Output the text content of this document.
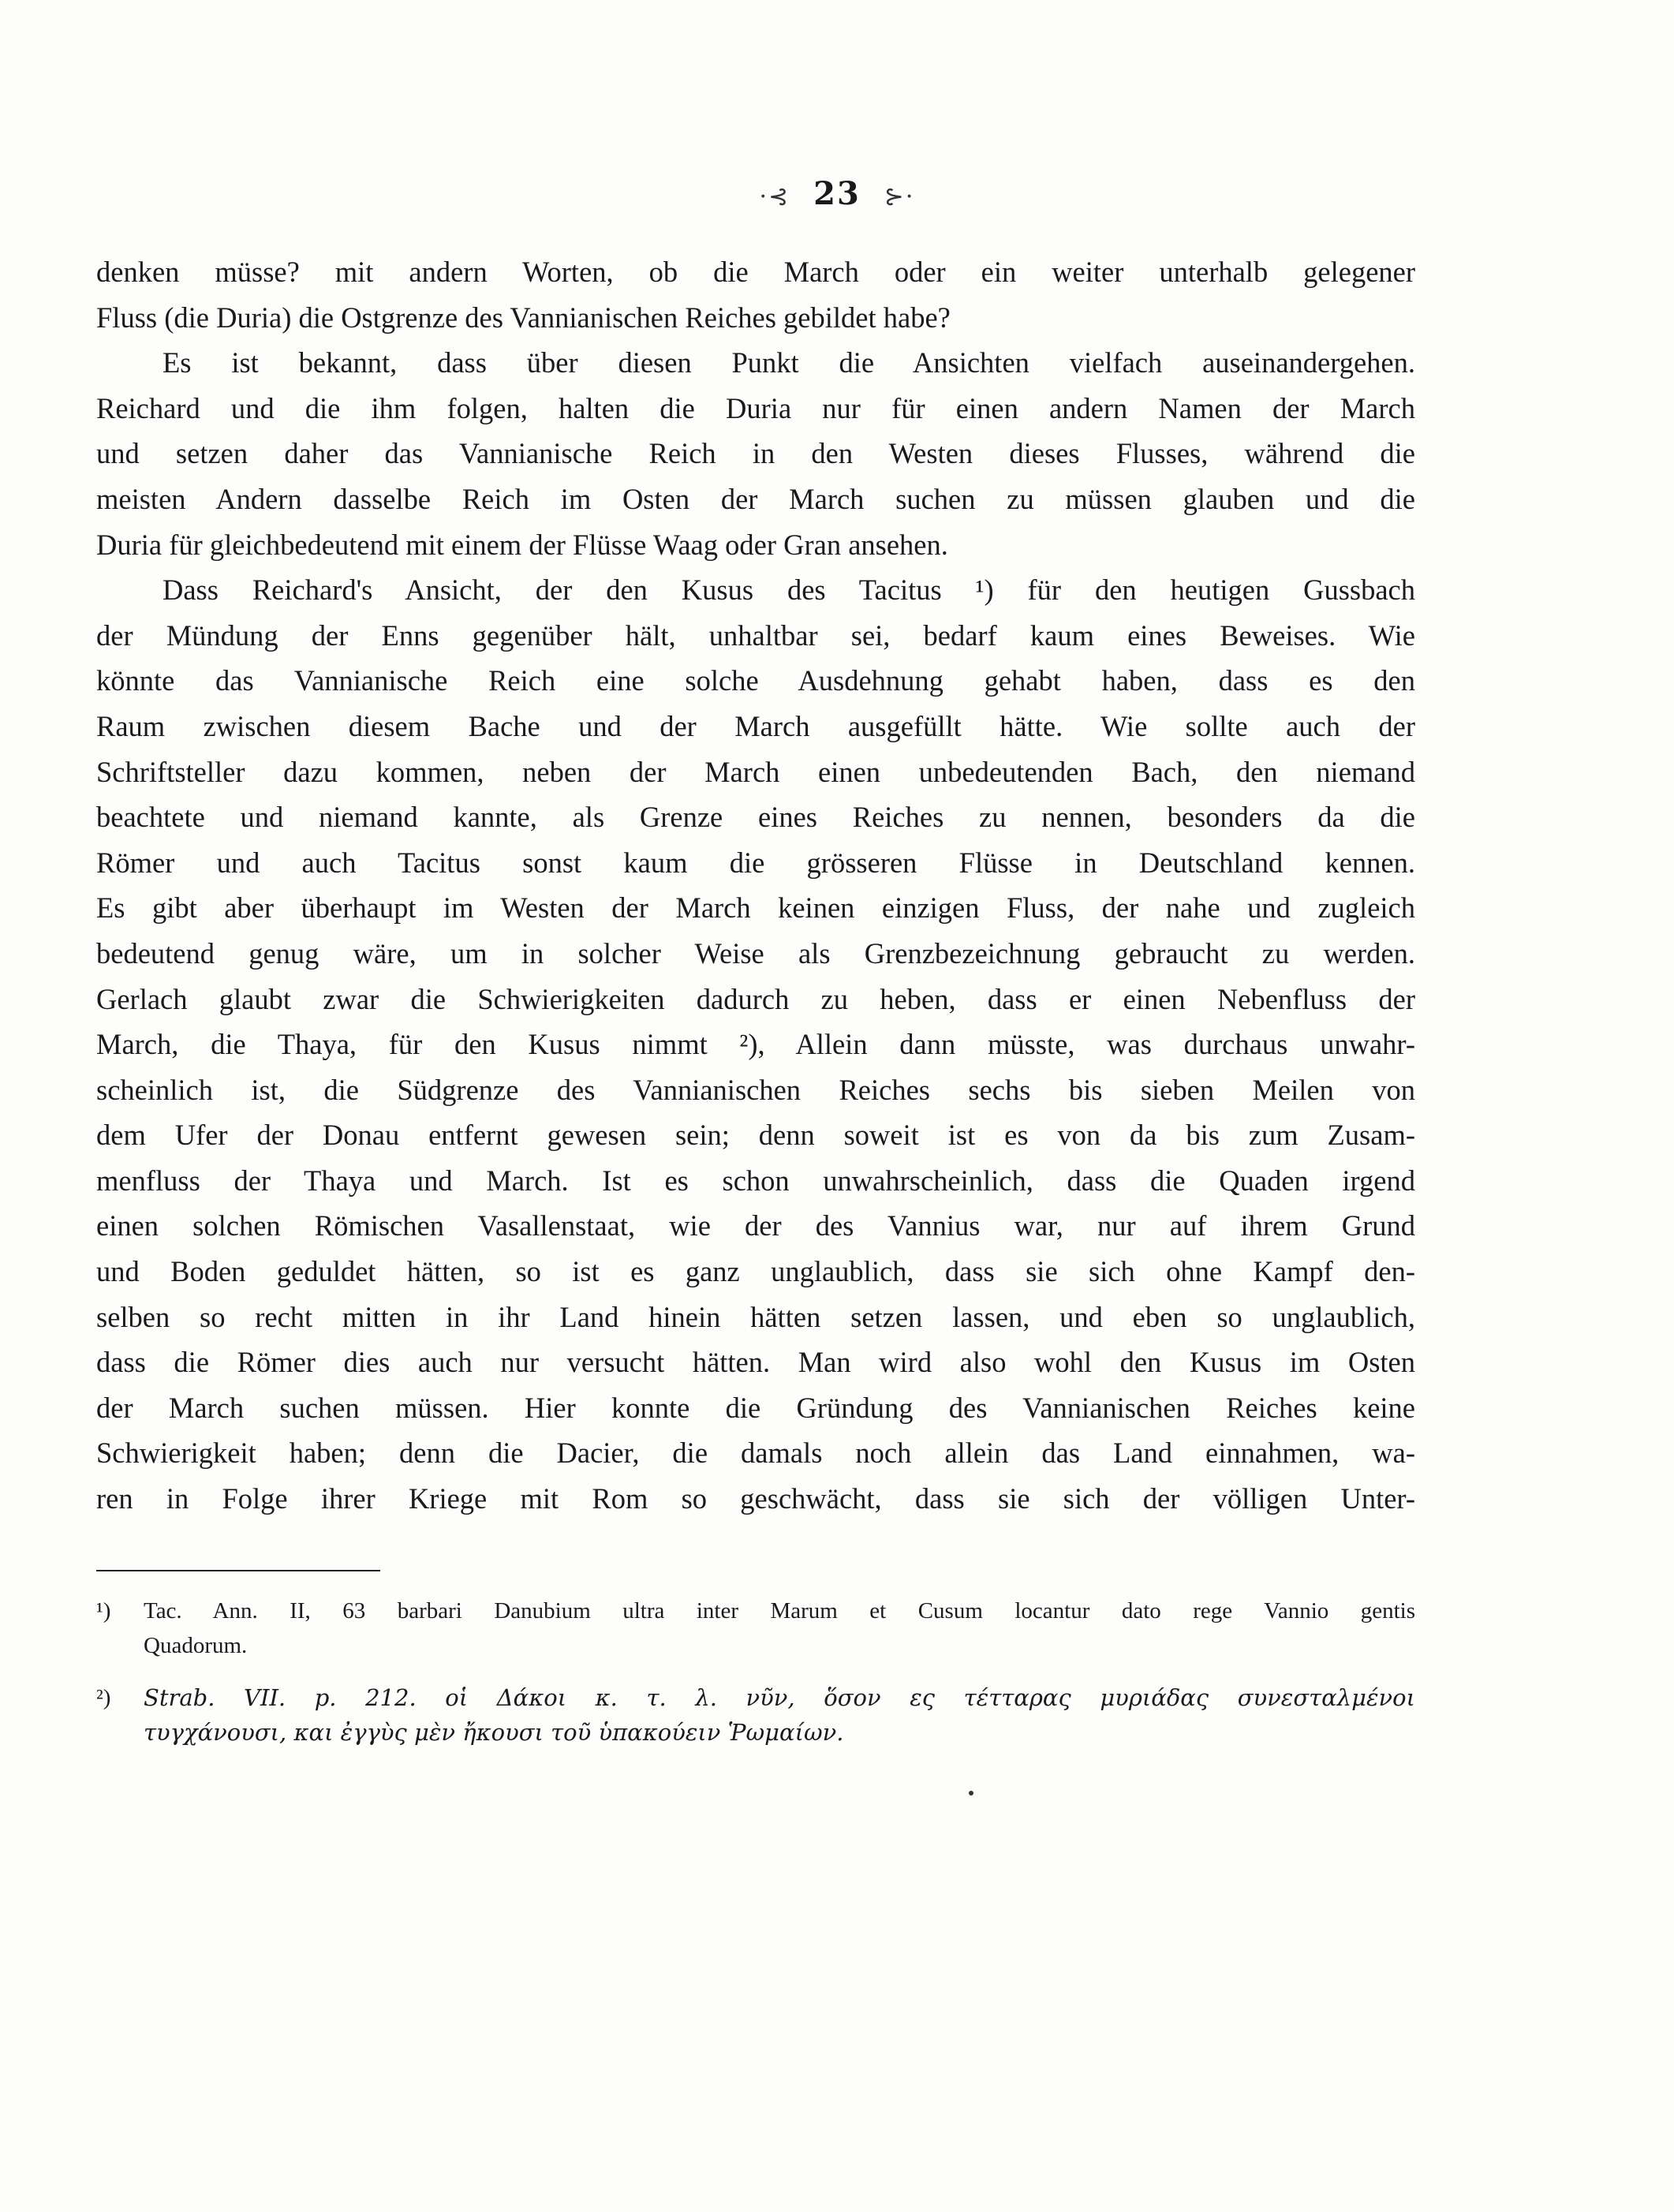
·⊰ 23 ⊱·
denken müsse? mit andern Worten, ob die March oder ein weiter unterhalb gelegener
Fluss (die Duria) die Ostgrenze des Vannianischen Reiches gebildet habe?
Es ist bekannt, dass über diesen Punkt die Ansichten vielfach auseinandergehen.
Reichard und die ihm folgen, halten die Duria nur für einen andern Namen der March
und setzen daher das Vannianische Reich in den Westen dieses Flusses, während die
meisten Andern dasselbe Reich im Osten der March suchen zu müssen glauben und die
Duria für gleichbedeutend mit einem der Flüsse Waag oder Gran ansehen.
Dass Reichard's Ansicht, der den Kusus des Tacitus ¹) für den heutigen Gussbach
der Mündung der Enns gegenüber hält, unhaltbar sei, bedarf kaum eines Beweises. Wie
könnte das Vannianische Reich eine solche Ausdehnung gehabt haben, dass es den
Raum zwischen diesem Bache und der March ausgefüllt hätte. Wie sollte auch der
Schriftsteller dazu kommen, neben der March einen unbedeutenden Bach, den niemand
beachtete und niemand kannte, als Grenze eines Reiches zu nennen, besonders da die
Römer und auch Tacitus sonst kaum die grösseren Flüsse in Deutschland kennen.
Es gibt aber überhaupt im Westen der March keinen einzigen Fluss, der nahe und zugleich
bedeutend genug wäre, um in solcher Weise als Grenzbezeichnung gebraucht zu werden.
Gerlach glaubt zwar die Schwierigkeiten dadurch zu heben, dass er einen Nebenfluss der
March, die Thaya, für den Kusus nimmt ²), Allein dann müsste, was durchaus unwahr-
scheinlich ist, die Südgrenze des Vannianischen Reiches sechs bis sieben Meilen von
dem Ufer der Donau entfernt gewesen sein; denn soweit ist es von da bis zum Zusam-
menfluss der Thaya und March. Ist es schon unwahrscheinlich, dass die Quaden irgend
einen solchen Römischen Vasallenstaat, wie der des Vannius war, nur auf ihrem Grund
und Boden geduldet hätten, so ist es ganz unglaublich, dass sie sich ohne Kampf den-
selben so recht mitten in ihr Land hinein hätten setzen lassen, und eben so unglaublich,
dass die Römer dies auch nur versucht hätten. Man wird also wohl den Kusus im Osten
der March suchen müssen. Hier konnte die Gründung des Vannianischen Reiches keine
Schwierigkeit haben; denn die Dacier, die damals noch allein das Land einnahmen, wa-
ren in Folge ihrer Kriege mit Rom so geschwächt, dass sie sich der völligen Unter-
¹)	Tac. Ann. II, 63 barbari Danubium ultra inter Marum et Cusum locantur dato rege Vannio gentis
Quadorum.
²)	Strab. VII. p. 212. οἱ Δάκοι κ. τ. λ. νῦν, ὅσον ες τέτταρας μυριάδας συνεσταλμένοι
τυγχάνουσι, και ἐγγὺς μὲν ἤκουσι τοῦ ὑπακούειν Ῥωμαίων.
